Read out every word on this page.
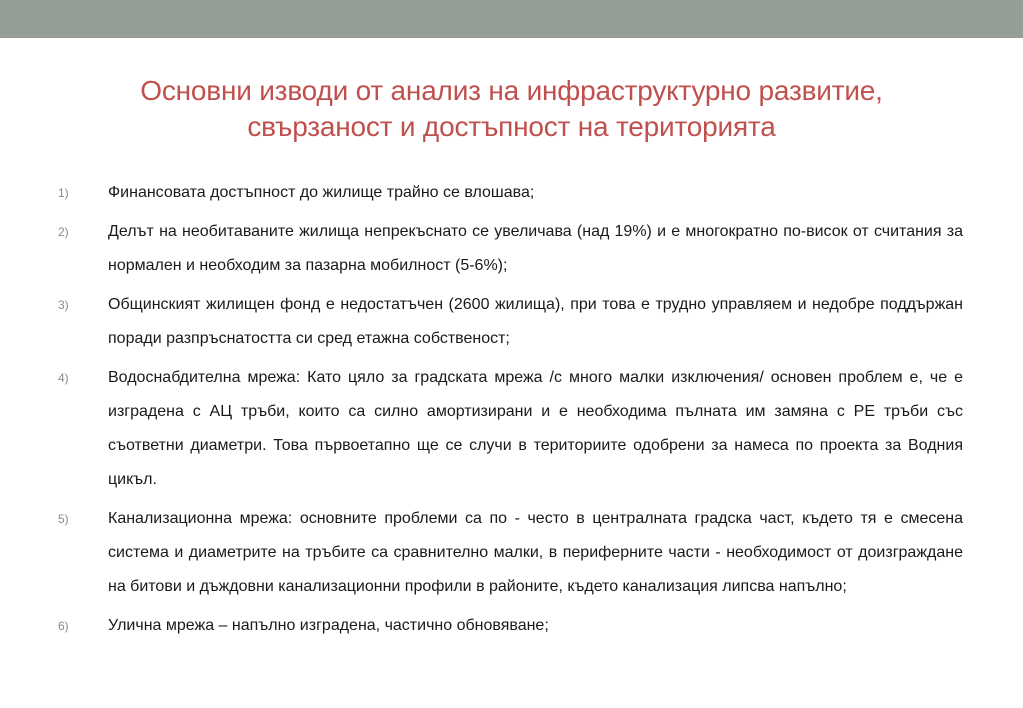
Основни изводи от анализ на инфраструктурно развитие,
свързаност и достъпност на територията
1) Финансовата достъпност до жилище трайно се влошава;
2) Делът на необитаваните жилища непрекъснато се увеличава (над 19%) и е многократно по-висок от считания за нормален и необходим за пазарна мобилност (5-6%);
3) Общинският жилищен фонд е недостатъчен (2600 жилища), при това е трудно управляем и недобре поддържан поради разпръснатостта си сред етажна собственост;
4) Водоснабдителна мрежа: Като цяло за градската мрежа /с много малки изключения/ основен проблем е, че е изградена с АЦ тръби, които са силно амортизирани и е необходима пълната им замяна с PE тръби със съответни диаметри. Това първоетапно ще се случи в териториите одобрени за намеса по проекта за Водния цикъл.
5) Канализационна мрежа: основните проблеми са по - често в централната градска част, където тя е смесена система и диаметрите на тръбите са сравнително малки, в периферните части - необходимост от доизграждане на битови и дъждовни канализационни профили в районите, където канализация липсва напълно;
6) Улична мрежа – напълно изградена, частично обновяване;
